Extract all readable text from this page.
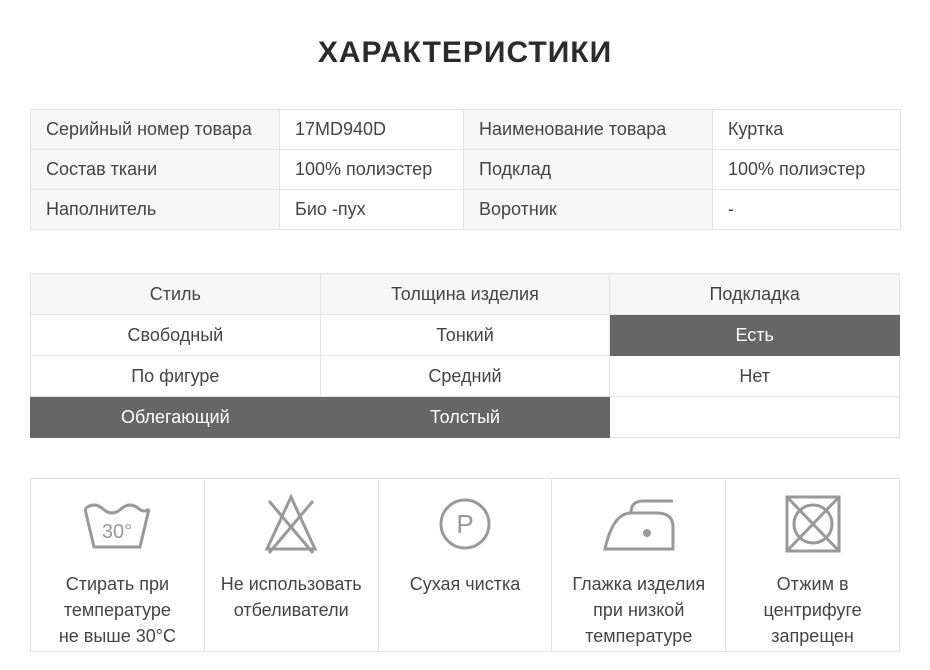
ХАРАКТЕРИСТИКИ
Серийный номер товара	17MD940D	Наименование товара	Куртка
Состав ткани	100% полиэстер	Подклад	100% полиэстер
Наполнитель	Био -пух	Воротник	-
Стиль	Толщина изделия	Подкладка
Свободный	Тонкий	Есть
По фигуре	Средний	Нет
Облегающий	Толстый	
30°
Стирать при
температуре
не выше 30°С
Не использовать
отбеливатели
P
Сухая чистка	Глажка изделия
при низкой
температуре
Отжим в
центрифуге
запрещен
